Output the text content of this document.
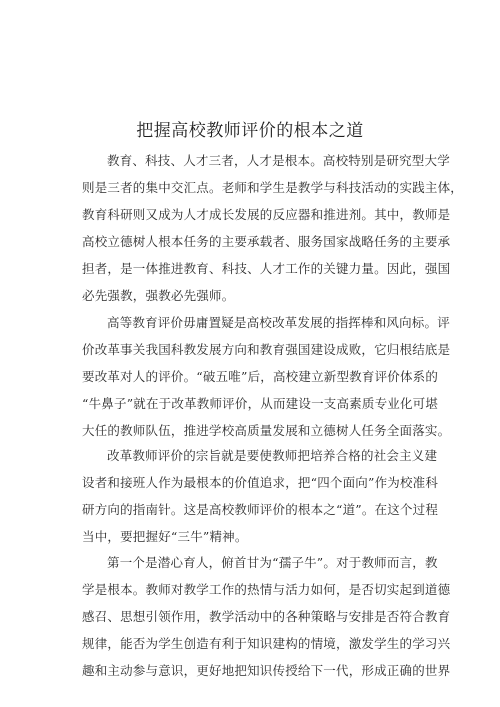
把握高校教师评价的根本之道
教育、科技、人才三者，人才是根本。高校特别是研究型大学
则是三者的集中交汇点。老师和学生是教学与科技活动的实践主体，
教育科研则又成为人才成长发展的反应器和推进剂。其中，教师是
高校立德树人根本任务的主要承载者、服务国家战略任务的主要承
担者，是一体推进教育、科技、人才工作的关键力量。因此，强国
必先强教，强教必先强师。
高等教育评价毋庸置疑是高校改革发展的指挥棒和风向标。评
价改革事关我国科教发展方向和教育强国建设成败，它归根结底是
要改革对人的评价。“破五唯”后，高校建立新型教育评价体系的
“牛鼻子”就在于改革教师评价，从而建设一支高素质专业化可堪
大任的教师队伍，推进学校高质量发展和立德树人任务全面落实。
改革教师评价的宗旨就是要使教师把培养合格的社会主义建
设者和接班人作为最根本的价值追求，把“四个面向”作为校准科
研方向的指南针。这是高校教师评价的根本之“道”。在这个过程
当中，要把握好“三牛”精神。
第一个是潜心育人，俯首甘为“孺子牛”。对于教师而言，教
学是根本。教师对教学工作的热情与活力如何，是否切实起到道德
感召、思想引领作用，教学活动中的各种策略与安排是否符合教育
规律，能否为学生创造有利于知识建构的情境，激发学生的学习兴
趣和主动参与意识，更好地把知识传授给下一代，形成正确的世界
